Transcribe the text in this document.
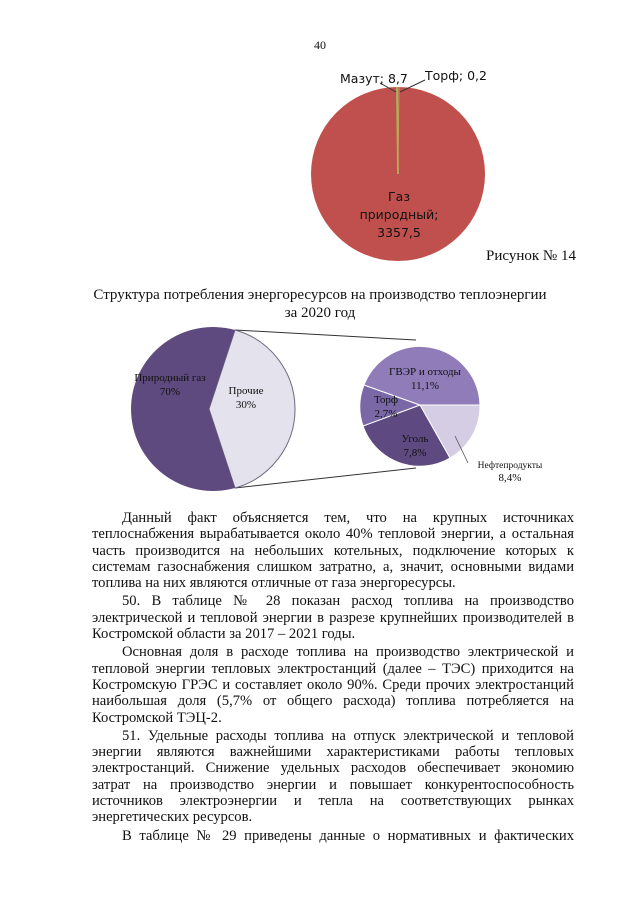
40
Мазут; 8,7 Торф; 0,2
Газ
природный;
3357,5
Рисунок № 14
Структура потребления энергоресурсов на производство теплоэнергии
за 2020 год
Природный газ
70%	Прочие
30%
ГВЭР и отходы
11,1%
Торф
2,7%
Уголь
7,8%
Нефтепродукты
8,4%

Данный факт объясняется тем, что на крупных источниках теплоснабжения вырабатывается около 40% тепловой энергии, а остальная часть производится на небольших котельных, подключение которых к системам газоснабжения слишком затратно, а, значит, основными видами топлива на них являются отличные от газа энергоресурсы.

50. В таблице № 28 показан расход топлива на производство электрической и тепловой энергии в разрезе крупнейших производителей в Костромской области за 2017 – 2021 годы.

Основная доля в расходе топлива на производство электрической и тепловой энергии тепловых электростанций (далее – ТЭС) приходится на Костромскую ГРЭС и составляет около 90%. Среди прочих электростанций наибольшая доля (5,7% от общего расхода) топлива потребляется на Костромской ТЭЦ-2.

51. Удельные расходы топлива на отпуск электрической и тепловой энергии являются важнейшими характеристиками работы тепловых электростанций. Снижение удельных расходов обеспечивает экономию затрат на производство энергии и повышает конкурентоспособность источников электроэнергии и тепла на соответствующих рынках энергетических ресурсов.

В таблице № 29 приведены данные о нормативных и фактических
